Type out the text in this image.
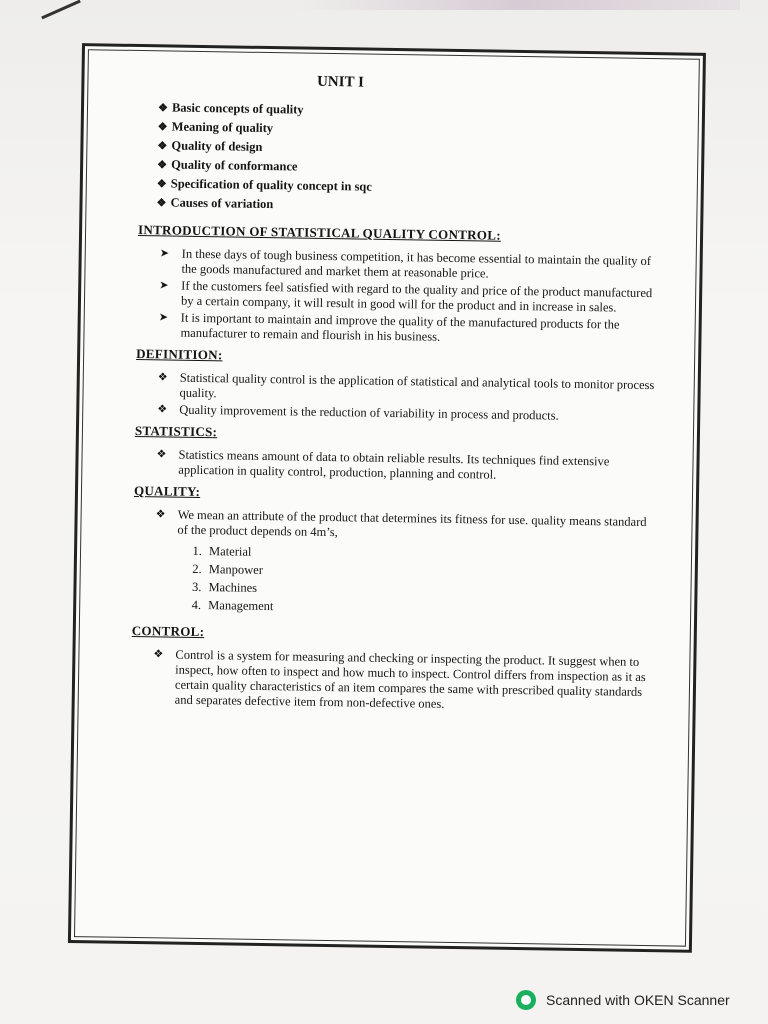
UNIT I
❖ Basic concepts of quality
❖ Meaning of quality
❖ Quality of design
❖ Quality of conformance
❖ Specification of quality concept in sqc
❖ Causes of variation
INTRODUCTION OF STATISTICAL QUALITY CONTROL:
➤ In these days of tough business competition, it has become essential to maintain the quality of the goods manufactured and market them at reasonable price.
➤ If the customers feel satisfied with regard to the quality and price of the product manufactured by a certain company, it will result in good will for the product and in increase in sales.
➤ It is important to maintain and improve the quality of the manufactured products for the manufacturer to remain and flourish in his business.
DEFINITION:
❖ Statistical quality control is the application of statistical and analytical tools to monitor process quality.
❖ Quality improvement is the reduction of variability in process and products.
STATISTICS:
❖ Statistics means amount of data to obtain reliable results. Its techniques find extensive application in quality control, production, planning and control.
QUALITY:
❖ We mean an attribute of the product that determines its fitness for use. quality means standard of the product depends on 4m’s,
1. Material
2. Manpower
3. Machines
4. Management
CONTROL:
❖ Control is a system for measuring and checking or inspecting the product. It suggest when to inspect, how often to inspect and how much to inspect. Control differs from inspection as it as certain quality characteristics of an item compares the same with prescribed quality standards and separates defective item from non-defective ones.
Scanned with OKEN Scanner
